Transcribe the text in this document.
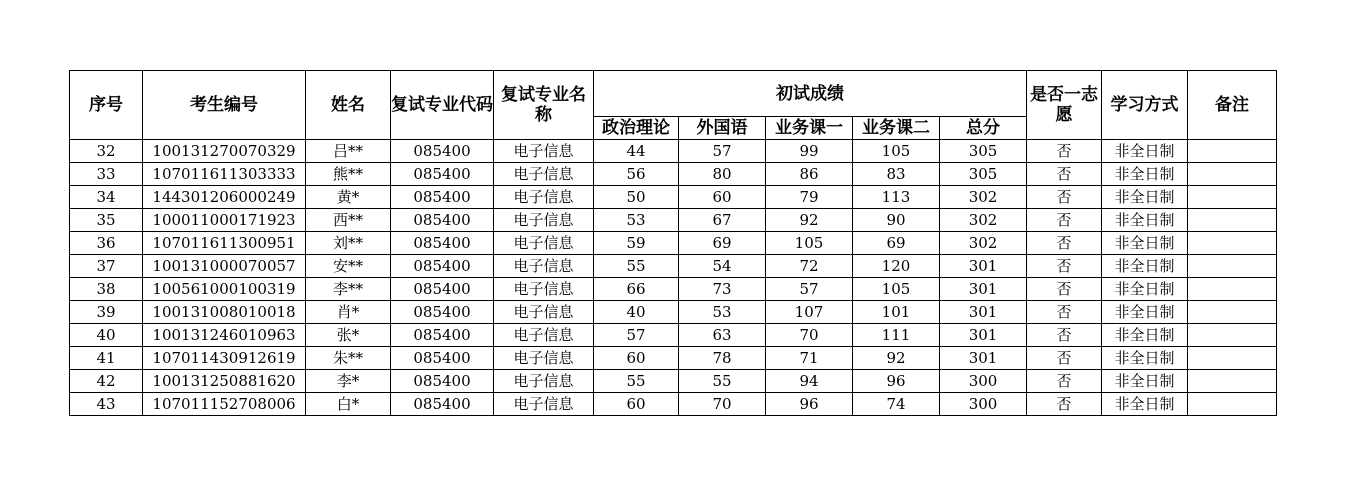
序号	考生编号	姓名	复试专业代码	复试专业名称	初试成绩					是否一志愿	学习方式	备注
					政治理论	外国语	业务课一	业务课二	总分			
32	100131270070329	吕**	085400	电子信息	44	57	99	105	305	否	非全日制	
33	107011611303333	熊**	085400	电子信息	56	80	86	83	305	否	非全日制	
34	144301206000249	黄*	085400	电子信息	50	60	79	113	302	否	非全日制	
35	100011000171923	西**	085400	电子信息	53	67	92	90	302	否	非全日制	
36	107011611300951	刘**	085400	电子信息	59	69	105	69	302	否	非全日制	
37	100131000070057	安**	085400	电子信息	55	54	72	120	301	否	非全日制	
38	100561000100319	李**	085400	电子信息	66	73	57	105	301	否	非全日制	
39	100131008010018	肖*	085400	电子信息	40	53	107	101	301	否	非全日制	
40	100131246010963	张*	085400	电子信息	57	63	70	111	301	否	非全日制	
41	107011430912619	朱**	085400	电子信息	60	78	71	92	301	否	非全日制	
42	100131250881620	李*	085400	电子信息	55	55	94	96	300	否	非全日制	
43	107011152708006	白*	085400	电子信息	60	70	96	74	300	否	非全日制	
